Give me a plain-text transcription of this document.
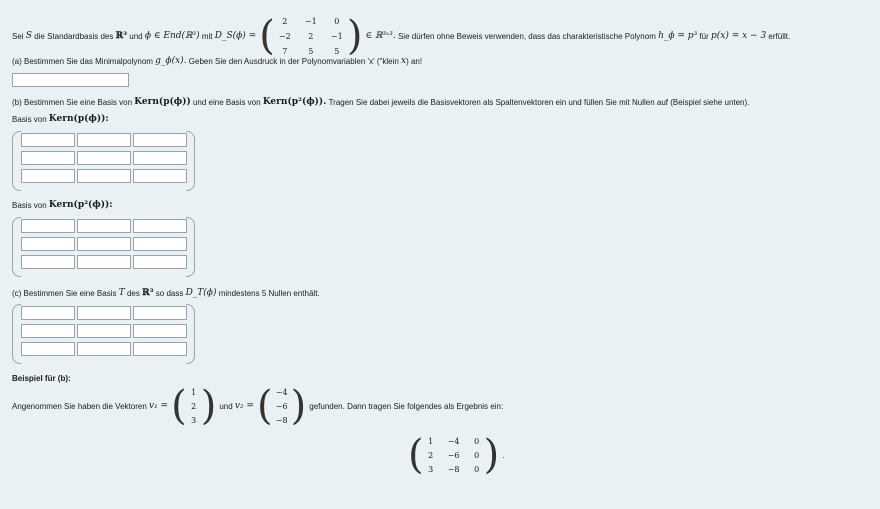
Sei
S
die Standardbasis des
ℝ³
und
ϕ ∈ End(ℝ³)
mit
D_S(ϕ) = ( 2	−1	0
−2	2	−1
7	5	5 ) ∈ ℝ³ˣ³.
Sie dürfen ohne Beweis verwenden, dass das charakteristische Polynom
h_ϕ = p³
für
p(x) = x − 3
erfüllt.
(a) Bestimmen Sie das Minimalpolynom
g_ϕ(x).
Geben Sie den Ausdruck in der Polynomvariablen 'x' ("klein
x ) an!
(b) Bestimmen Sie eine Basis von
Kern(p(ϕ))
und eine Basis von
Kern(p²(ϕ)).
Tragen Sie dabei jeweils die Basisvektoren als Spaltenvektoren ein und füllen Sie mit Nullen auf (Beispiel siehe unten).
Basis von
Kern(p(ϕ)):
Basis von
Kern(p²(ϕ)):
(c) Bestimmen Sie eine Basis
T
des
ℝ³
so dass
D_T(ϕ)
mindestens 5 Nullen enthält.
Beispiel für (b):
Angenommen Sie haben die Vektoren
v₁ = ( 1
2
3 ) und
v₂ = ( −4
−6
−8 ) gefunden. Dann tragen Sie folgendes als Ergebnis ein:
( 1	−4	0
2	−6	0
3	−8	0 ) .
